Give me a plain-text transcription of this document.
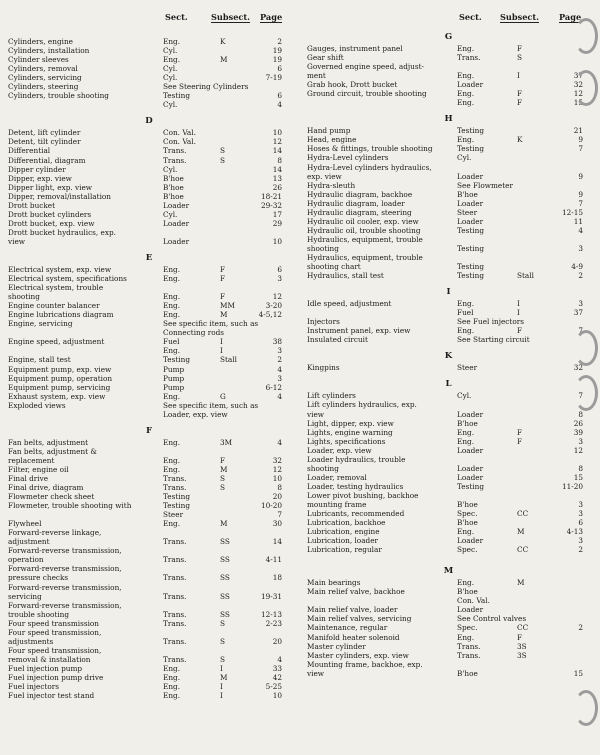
Sect.	Subsect. Page
Cylinders, engine	Eng.	K	2
Cylinders, installation	Cyl.	19
Cylinder sleeves	Eng.	M	19
Cylinders, removal	Cyl.	6
Cylinders, servicing	Cyl.	7-19
Cylinders, steering	See Steering Cylinders
Cylinders, trouble shooting	Testing	6
Cyl.	4
D
Detent, lift cylinder	Con. Val.	10
Detent, tilt cylinder	Con. Val.	12
Differential	Trans.	S	14
Differential, diagram	Trans.	S	8
Dipper cylinder	Cyl.	14
Dipper, exp. view	B'hoe	13
Dipper light, exp. view	B'hoe	26
Dipper, removal/installation	B'hoe	18-21
Drott bucket	Loader	29-32
Drott bucket cylinders	Cyl.	17
Drott bucket, exp. view	Loader	29
Drott bucket hydraulics, exp.
view	Loader	10
E
Electrical system, exp. view	Eng.	F	6
Electrical system, specifications	Eng.	F	3
Electrical system, trouble
shooting	Eng.	F	12
Engine counter balancer	Eng.	MM	3-20
Engine lubrications diagram	Eng.	M	4-5,12
Engine, servicing	See specific item, such as
Connecting rods
Engine speed, adjustment	Fuel	I	38
Eng.	I	3
Engine, stall test	Testing	Stall	2
Equipment pump, exp. view	Pump	4
Equipment pump, operation	Pump	3
Equipment pump, servicing	Pump	6-12
Exhaust system, exp. view	Eng.	G	4
Exploded views	See specific item, such as
Loader, exp. view
F
Fan belts, adjustment	Eng.	3M	4
Fan belts, adjustment &
replacement	Eng.	F	32
Filter, engine oil	Eng.	M	12
Final drive	Trans.	S	10
Final drive, diagram	Trans.	S	8
Flowmeter check sheet	Testing	20
Flowmeter, trouble shooting with	Testing	10-20
Steer	7
Flywheel	Eng.	M	30
Forward-reverse linkage,
adjustment	Trans.	SS	14
Forward-reverse transmission,
operation	Trans.	SS	4-11
Forward-reverse transmission,
pressure checks	Trans.	SS	18
Forward-reverse transmission,
servicing	Trans.	SS	19-31
Forward-reverse transmission,
trouble shooting	Trans.	SS	12-13
Four speed transmission	Trans.	S	2-23
Four speed transmission,
adjustments	Trans.	S	20
Four speed transmission,
removal & installation	Trans.	S	4
Fuel injection pump	Eng.	I	33
Fuel injection pump drive	Eng.	M	42
Fuel injectors	Eng.	I	5-25
Fuel injector test stand	Eng.	I	10
Sect. Subsect. Page
G
Gauges, instrument panel	Eng.	F
Gear shift	Trans.	S
Governed engine speed, adjust-
ment	Eng.	I	37
Grab hook, Drott bucket	Loader	32
Ground circuit, trouble shooting	Eng.	F	12
Eng.	F	15
H
Hand pump	Testing	21
Head, engine	Eng.	K	9
Hoses & fittings, trouble shooting	Testing	7
Hydra-Level cylinders	Cyl.
Hydra-Level cylinders hydraulics,
exp. view	Loader	9
Hydra-sleuth	See Flowmeter
Hydraulic diagram, backhoe	B'hoe	9
Hydraulic diagram, loader	Loader	7
Hydraulic diagram, steering	Steer	12-15
Hydraulic oil cooler, exp. view	Loader	11
Hydraulic oil, trouble shooting	Testing	4
Hydraulics, equipment, trouble
shooting	Testing	3
Hydraulics, equipment, trouble
shooting chart	Testing	4-9
Hydraulics, stall test	Testing	Stall	2
I
Idle speed, adjustment	Eng.	I	3
Fuel	I	37
Injectors	See Fuel injectors
Instrument panel, exp. view	Eng.	F	7
Insulated circuit	See Starting circuit
K
Kingpins	Steer	32
L
Lift cylinders	Cyl.	7
Lift cylinders hydraulics, exp.
view	Loader	8
Light, dipper, exp. view	B'hoe	26
Lights, engine warning	Eng.	F	39
Lights, specifications	Eng.	F	3
Loader, exp. view	Loader	12
Loader hydraulics, trouble
shooting	Loader	8
Loader, removal	Loader	15
Loader, testing hydraulics	Testing	11-20
Lower pivot bushing, backhoe
mounting frame	B'hoe	3
Lubricants, recommended	Spec.	CC	3
Lubrication, backhoe	B'hoe	6
Lubrication, engine	Eng.	M	4-13
Lubrication, loader	Loader	3
Lubrication, regular	Spec.	CC	2
M
Main bearings	Eng.	M
Main relief valve, backhoe	B'hoe
Con. Val.
Main relief valve, loader	Loader
Main relief valves, servicing	See Control valves
Maintenance, regular	Spec.	CC	2
Manifold heater solenoid	Eng.	F
Master cylinder	Trans.	3S
Master cylinders, exp. view	Trans.	3S
Mounting frame, backhoe, exp.
view	B'hoe	15
